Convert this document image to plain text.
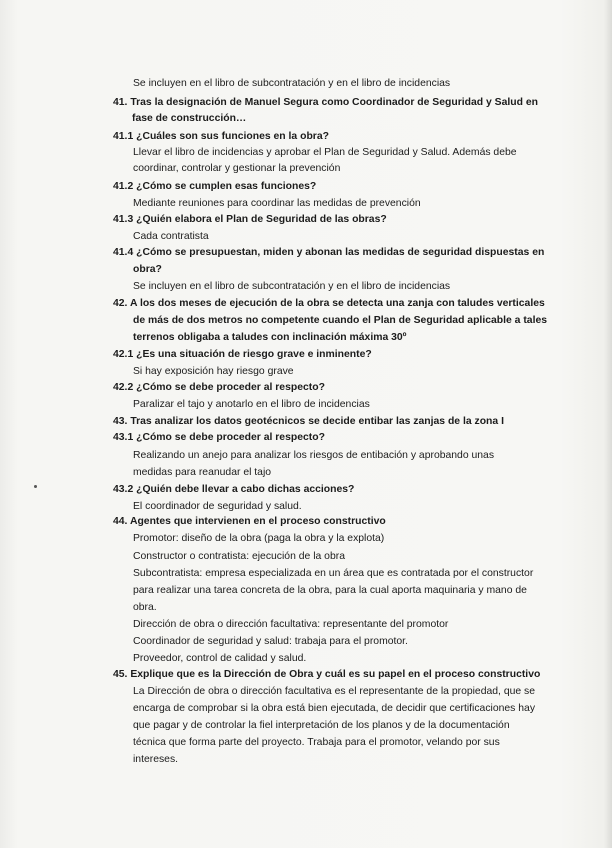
Se incluyen en el libro de subcontratación y en el libro de incidencias
41. Tras la designación de Manuel Segura como Coordinador de Seguridad y Salud en
fase de construcción…
41.1 ¿Cuáles son sus funciones en la obra?
Llevar el libro de incidencias y aprobar el Plan de Seguridad y Salud. Además debe
coordinar, controlar y gestionar la prevención
41.2 ¿Cómo se cumplen esas funciones?
Mediante reuniones para coordinar las medidas de prevención
41.3 ¿Quién elabora el Plan de Seguridad de las obras?
Cada contratista
41.4 ¿Cómo se presupuestan, miden y abonan las medidas de seguridad dispuestas en
obra?
Se incluyen en el libro de subcontratación y en el libro de incidencias
42. A los dos meses de ejecución de la obra se detecta una zanja con taludes verticales
de más de dos metros no competente cuando el Plan de Seguridad aplicable a tales
terrenos obligaba a taludes con inclinación máxima 30º
42.1 ¿Es una situación de riesgo grave e inminente?
Si hay exposición hay riesgo grave
42.2 ¿Cómo se debe proceder al respecto?
Paralizar el tajo y anotarlo en el libro de incidencias
43. Tras analizar los datos geotécnicos se decide entibar las zanjas de la zona I
43.1 ¿Cómo se debe proceder al respecto?
Realizando un anejo para analizar los riesgos de entibación y aprobando unas
medidas para reanudar el tajo
43.2 ¿Quién debe llevar a cabo dichas acciones?
El coordinador de seguridad y salud.
44. Agentes que intervienen en el proceso constructivo
Promotor: diseño de la obra (paga la obra y la explota)
Constructor o contratista: ejecución de la obra
Subcontratista: empresa especializada en un área que es contratada por el constructor
para realizar una tarea concreta de la obra, para la cual aporta maquinaria y mano de
obra.
Dirección de obra o dirección facultativa: representante del promotor
Coordinador de seguridad y salud: trabaja para el promotor.
Proveedor, control de calidad y salud.
45. Explique que es la Dirección de Obra y cuál es su papel en el proceso constructivo
La Dirección de obra o dirección facultativa es el representante de la propiedad, que se
encarga de comprobar si la obra está bien ejecutada, de decidir que certificaciones hay
que pagar y de controlar la fiel interpretación de los planos y de la documentación
técnica que forma parte del proyecto. Trabaja para el promotor, velando por sus
intereses.
